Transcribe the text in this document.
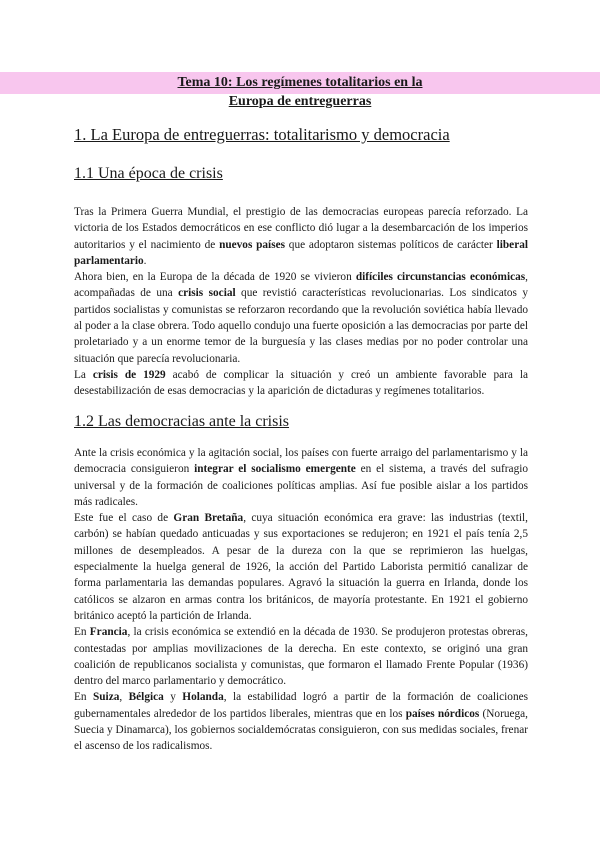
Tema 10: Los regímenes totalitarios en la
Europa de entreguerras
1. La Europa de entreguerras: totalitarismo y democracia
1.1 Una época de crisis

Tras la Primera Guerra Mundial, el prestigio de las democracias europeas parecía reforzado. La victoria de los Estados democráticos en ese conflicto dió lugar a la desembarcación de los imperios autoritarios y el nacimiento de nuevos países que adoptaron sistemas políticos de carácter liberal parlamentario.

Ahora bien, en la Europa de la década de 1920 se vivieron difíciles circunstancias económicas, acompañadas de una crisis social que revistió características revolucionarias. Los sindicatos y partidos socialistas y comunistas se reforzaron recordando que la revolución soviética había llevado al poder a la clase obrera. Todo aquello condujo una fuerte oposición a las democracias por parte del proletariado y a un enorme temor de la burguesía y las clases medias por no poder controlar una situación que parecía revolucionaria.

La crisis de 1929 acabó de complicar la situación y creó un ambiente favorable para la desestabilización de esas democracias y la aparición de dictaduras y regímenes totalitarios.

1.2 Las democracias ante la crisis

Ante la crisis económica y la agitación social, los países con fuerte arraigo del parlamentarismo y la democracia consiguieron integrar el socialismo emergente en el sistema, a través del sufragio universal y de la formación de coaliciones políticas amplias. Así fue posible aislar a los partidos más radicales.

Este fue el caso de Gran Bretaña, cuya situación económica era grave: las industrias (textil, carbón) se habían quedado anticuadas y sus exportaciones se redujeron; en 1921 el país tenía 2,5 millones de desempleados. A pesar de la dureza con la que se reprimieron las huelgas, especialmente la huelga general de 1926, la acción del Partido Laborista permitió canalizar de forma parlamentaria las demandas populares. Agravó la situación la guerra en Irlanda, donde los católicos se alzaron en armas contra los británicos, de mayoría protestante. En 1921 el gobierno británico aceptó la partición de Irlanda.

En Francia, la crisis económica se extendió en la década de 1930. Se produjeron protestas obreras, contestadas por amplias movilizaciones de la derecha. En este contexto, se originó una gran coalición de republicanos socialista y comunistas, que formaron el llamado Frente Popular (1936) dentro del marco parlamentario y democrático.

En Suiza, Bélgica y Holanda, la estabilidad logró a partir de la formación de coaliciones gubernamentales alrededor de los partidos liberales, mientras que en los países nórdicos (Noruega, Suecia y Dinamarca), los gobiernos socialdemócratas consiguieron, con sus medidas sociales, frenar el ascenso de los radicalismos.
